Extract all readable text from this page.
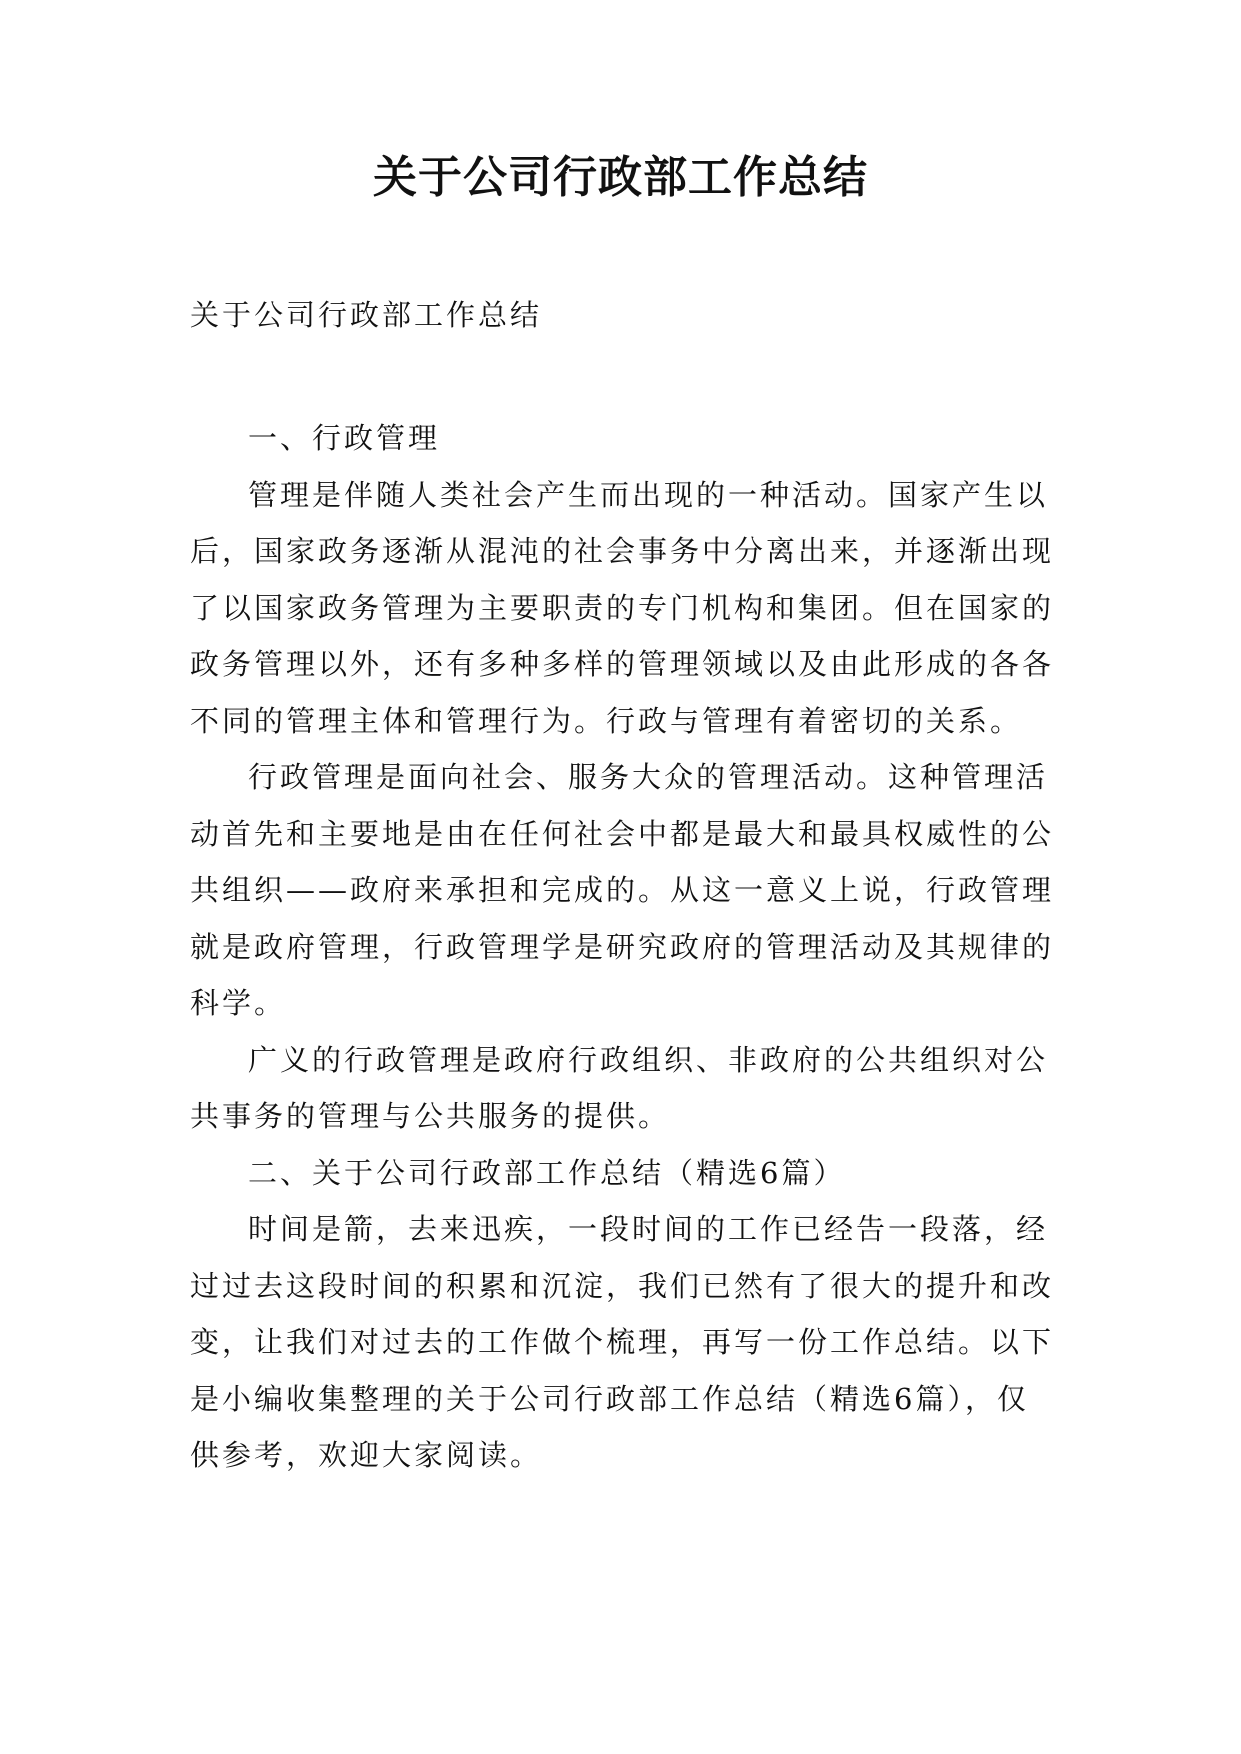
关于公司行政部工作总结

关于公司行政部工作总结

一、行政管理

管理是伴随人类社会产生而出现的一种活动。国家产生以后，国家政务逐渐从混沌的社会事务中分离出来，并逐渐出现了以国家政务管理为主要职责的专门机构和集团。但在国家的政务管理以外，还有多种多样的管理领域以及由此形成的各各不同的管理主体和管理行为。行政与管理有着密切的关系。

行政管理是面向社会、服务大众的管理活动。这种管理活动首先和主要地是由在任何社会中都是最大和最具权威性的公共组织——政府来承担和完成的。从这一意义上说，行政管理就是政府管理，行政管理学是研究政府的管理活动及其规律的科学。

广义的行政管理是政府行政组织、非政府的公共组织对公共事务的管理与公共服务的提供。

二、关于公司行政部工作总结（精选6篇）

时间是箭，去来迅疾，一段时间的工作已经告一段落，经过过去这段时间的积累和沉淀，我们已然有了很大的提升和改变，让我们对过去的工作做个梳理，再写一份工作总结。以下是小编收集整理的关于公司行政部工作总结（精选6篇），仅供参考，欢迎大家阅读。
